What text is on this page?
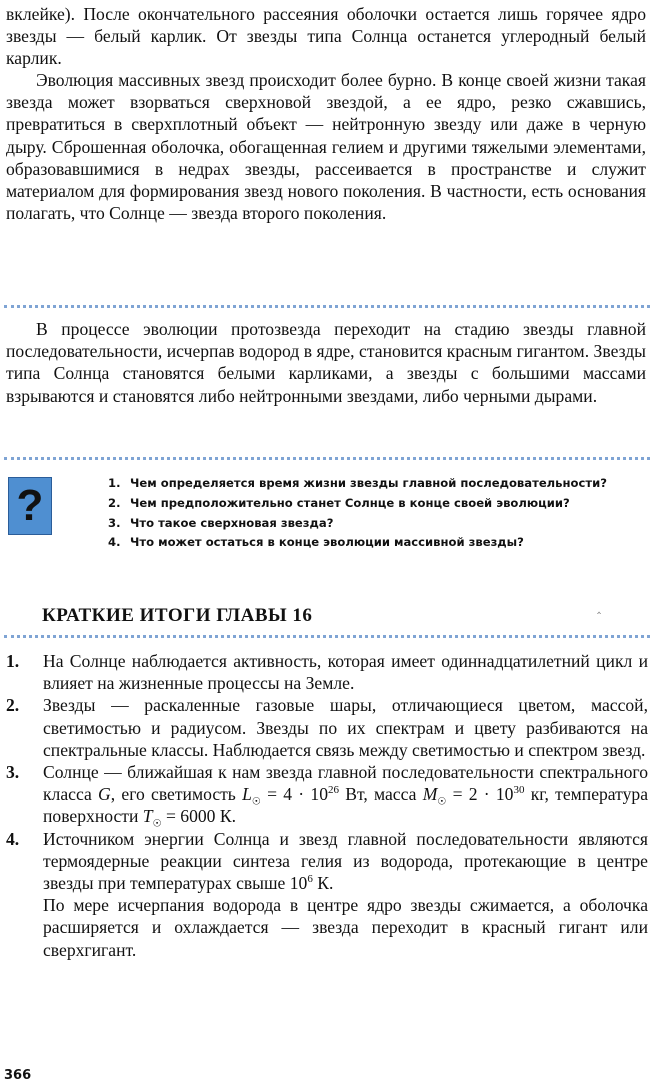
вклейке). После окончательного рассеяния оболочки остается лишь горячее ядро звезды — белый карлик. От звезды типа Солнца останется углеродный белый карлик.

Эволюция массивных звезд происходит более бурно. В конце своей жизни такая звезда может взорваться сверхновой звездой, а ее ядро, резко сжавшись, превратиться в сверхплотный объект — нейтронную звезду или даже в черную дыру. Сброшенная оболочка, обогащенная гелием и другими тяжелыми элементами, образовавшимися в недрах звезды, рассеивается в пространстве и служит материалом для формирования звезд нового поколения. В частности, есть основания полагать, что Солнце — звезда второго поколения.

В процессе эволюции протозвезда переходит на стадию звезды главной последовательности, исчерпав водород в ядре, становится красным гигантом. Звезды типа Солнца становятся белыми карликами, а звезды с большими массами взрываются и становятся либо нейтронными звездами, либо черными дырами.

?	1. Чем определяется время жизни звезды главной последовательности?
2. Чем предположительно станет Солнце в конце своей эволюции?
3. Что такое сверхновая звезда?
4. Что может остаться в конце эволюции массивной звезды?
КРАТКИЕ ИТОГИ ГЛАВЫ 16	‸
1.	На Солнце наблюдается активность, которая имеет одиннадцатилетний цикл и влияет на жизненные процессы на Земле.
2.	Звезды — раскаленные газовые шары, отличающиеся цветом, массой, светимостью и радиусом. Звезды по их спектрам и цвету разбиваются на спектральные классы. Наблюдается связь между светимостью и спектром звезд.
3.	Солнце — ближайшая к нам звезда главной последовательности спектрального класса G, его светимость $L_☉ = 4 \cdot 10^{26}$ Вт, масса $M_☉ = 2 \cdot 10^{30}$ кг, температура поверхности $T_☉ = 6000$ К.
4.	Источником энергии Солнца и звезд главной последовательности являются термоядерные реакции синтеза гелия из водорода, протекающие в центре звезды при температурах свыше $10^6$ К.
По мере исчерпания водорода в центре ядро звезды сжимается, а оболочка расширяется и охлаждается — звезда переходит в красный гигант или сверхгигант.
366
